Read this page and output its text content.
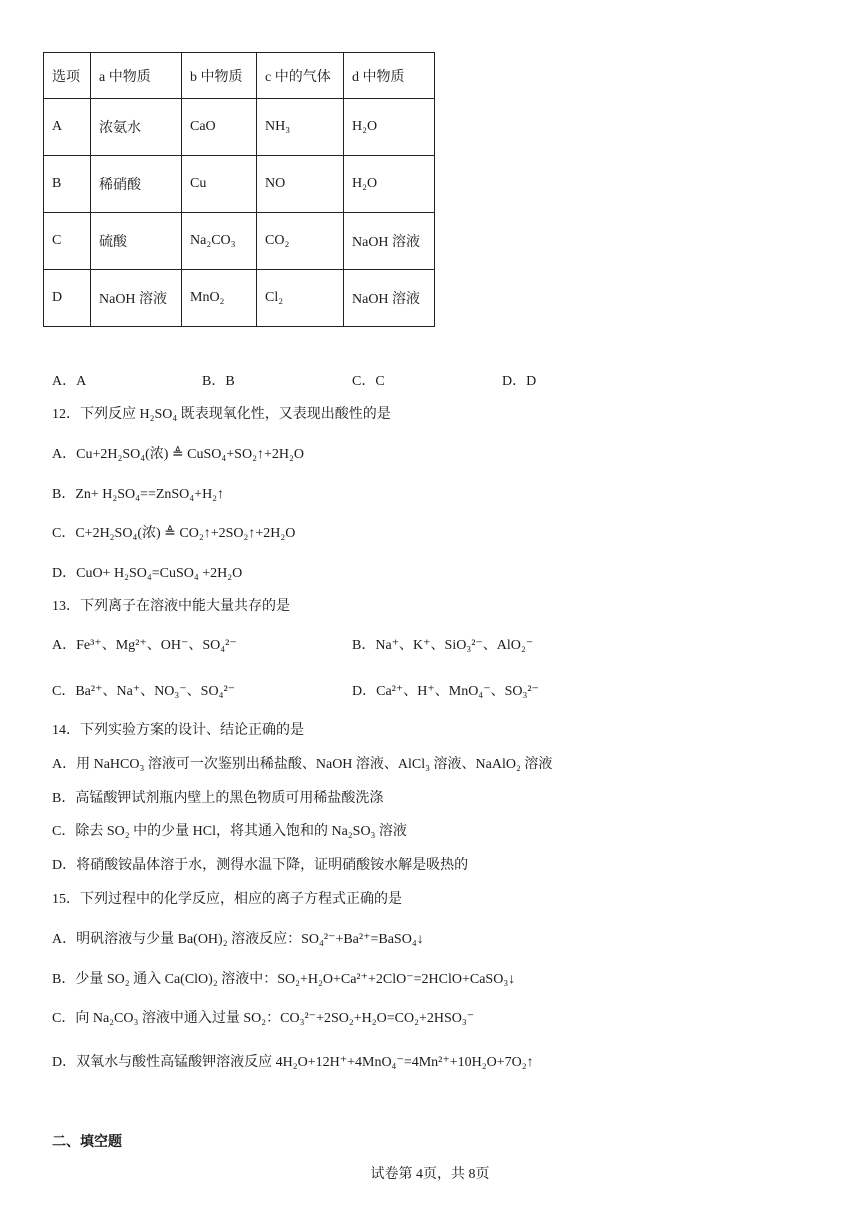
选项	a 中物质	b 中物质	c 中的气体	d 中物质
A	浓氨水	CaO	NH₃	H₂O
B	稀硝酸	Cu	NO	H₂O
C	硫酸	Na₂CO₃	CO₂	NaOH 溶液
D	NaOH 溶液	MnO₂	Cl₂	NaOH 溶液
A．A	B．B	C．C	D．D
12．下列反应 H₂SO₄ 既表现氧化性，又表现出酸性的是
A．Cu+2H₂SO₄(浓) ≜ CuSO₄+SO₂↑+2H₂O
B．Zn+ H₂SO₄==ZnSO₄+H₂↑
C．C+2H₂SO₄(浓) ≜ CO₂↑+2SO₂↑+2H₂O
D．CuO+ H₂SO₄=CuSO₄ +2H₂O
13．下列离子在溶液中能大量共存的是
A．Fe³⁺、Mg²⁺、OH⁻、SO₄²⁻	B．Na⁺、K⁺、SiO₃²⁻、AlO₂⁻
C．Ba²⁺、Na⁺、NO₃⁻、SO₄²⁻	D．Ca²⁺、H⁺、MnO₄⁻、SO₃²⁻
14．下列实验方案的设计、结论正确的是
A．用 NaHCO₃ 溶液可一次鉴别出稀盐酸、NaOH 溶液、AlCl₃ 溶液、NaAlO₂ 溶液
B．高锰酸钾试剂瓶内壁上的黑色物质可用稀盐酸洗涤
C．除去 SO₂ 中的少量 HCl，将其通入饱和的 Na₂SO₃ 溶液
D．将硝酸铵晶体溶于水，测得水温下降，证明硝酸铵水解是吸热的
15．下列过程中的化学反应，相应的离子方程式正确的是
A．明矾溶液与少量 Ba(OH)₂ 溶液反应：SO₄²⁻+Ba²⁺=BaSO₄↓
B．少量 SO₂ 通入 Ca(ClO)₂ 溶液中：SO₂+H₂O+Ca²⁺+2ClO⁻=2HClO+CaSO₃↓
C．向 Na₂CO₃ 溶液中通入过量 SO₂：CO₃²⁻+2SO₂+H₂O=CO₂+2HSO₃⁻
D．双氧水与酸性高锰酸钾溶液反应 4H₂O+12H⁺+4MnO₄⁻=4Mn²⁺+10H₂O+7O₂↑
二、填空题
试卷第 4页，共 8页
